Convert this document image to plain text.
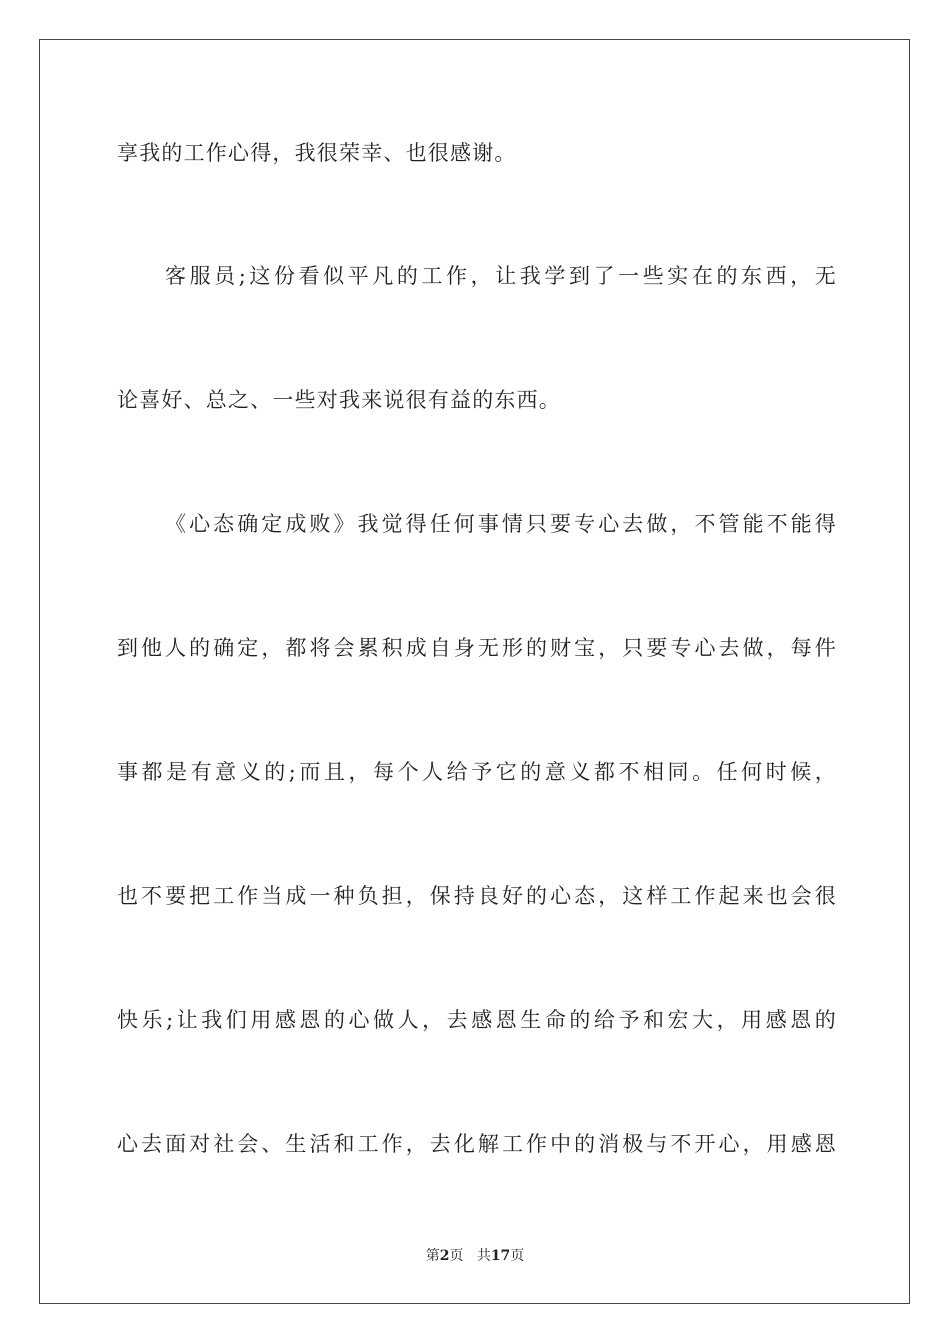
享我的工作心得，我很荣幸、也很感谢。
客服员;这份看似平凡的工作，让我学到了一些实在的东西，无
论喜好、总之、一些对我来说很有益的东西。
《心态确定成败》我觉得任何事情只要专心去做，不管能不能得
到他人的确定，都将会累积成自身无形的财宝，只要专心去做，每件
事都是有意义的;而且，每个人给予它的意义都不相同。任何时候，
也不要把工作当成一种负担，保持良好的心态，这样工作起来也会很
快乐;让我们用感恩的心做人，去感恩生命的给予和宏大，用感恩的
心去面对社会、生活和工作，去化解工作中的消极与不开心，用感恩
第2页 共17页
